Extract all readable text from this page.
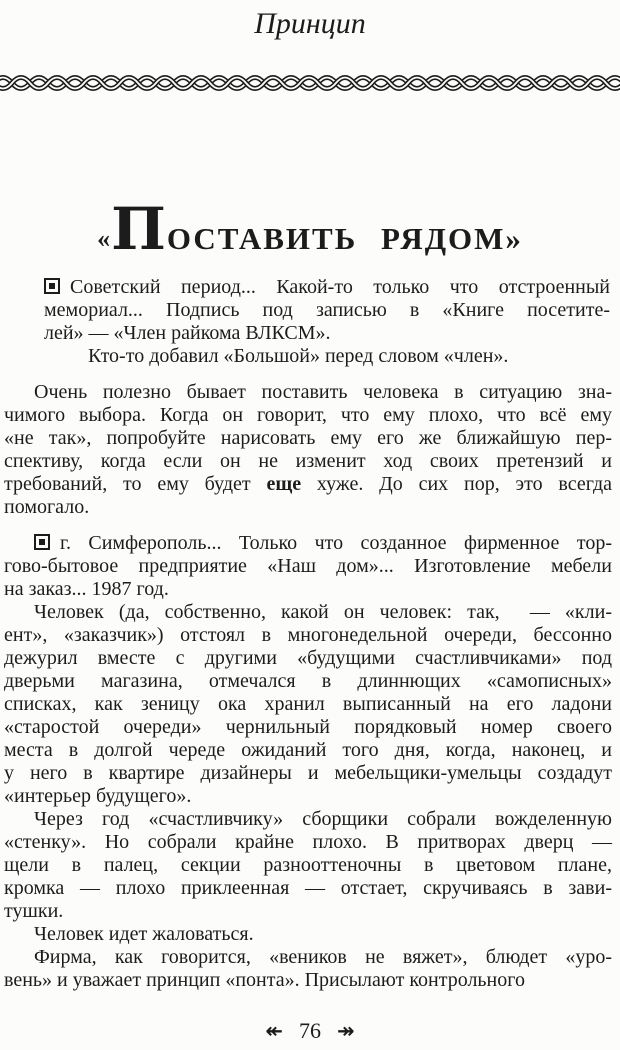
Принцип
« П ОСТАВИТЬ РЯДОМ»
Советский период... Какой-то только что отстроенный
мемориал... Подпись под записью в «Книге посетите-
лей» — «Член райкома ВЛКСМ».
Кто-то добавил «Большой» перед словом «член».
Очень полезно бывает поставить человека в ситуацию зна-
чимого выбора. Когда он говорит, что ему плохо, что всё ему
«не так», попробуйте нарисовать ему его же ближайшую пер-
спективу, когда если он не изменит ход своих претензий и
требований, то ему будет еще хуже. До сих пор, это всегда
помогало.
г. Симферополь... Только что созданное фирменное тор-
гово-бытовое предприятие «Наш дом»... Изготовление мебели
на заказ... 1987 год.
Человек (да, собственно, какой он человек: так,  — «кли-
ент», «заказчик») отстоял в многонедельной очереди, бессонно
дежурил вместе с другими «будущими счастливчиками» под
дверьми магазина, отмечался в длиннющих «самописных»
списках, как зеницу ока хранил выписанный на его ладони
«старостой очереди» чернильный порядковый номер своего
места в долгой череде ожиданий того дня, когда, наконец, и
у него в квартире дизайнеры и мебельщики-умельцы создадут
«интерьер будущего».
Через год «счастливчику» сборщики собрали вожделенную
«стенку». Но собрали крайне плохо. В притворах дверц —
щели в палец, секции разнооттеночны в цветовом плане,
кромка — плохо приклеенная — отстает, скручиваясь в зави-
тушки.
Человек идет жаловаться.
Фирма, как говорится, «веников не вяжет», блюдет «уро-
вень» и уважает принцип «понта». Присылают контрольного
↞ 76 ↠
